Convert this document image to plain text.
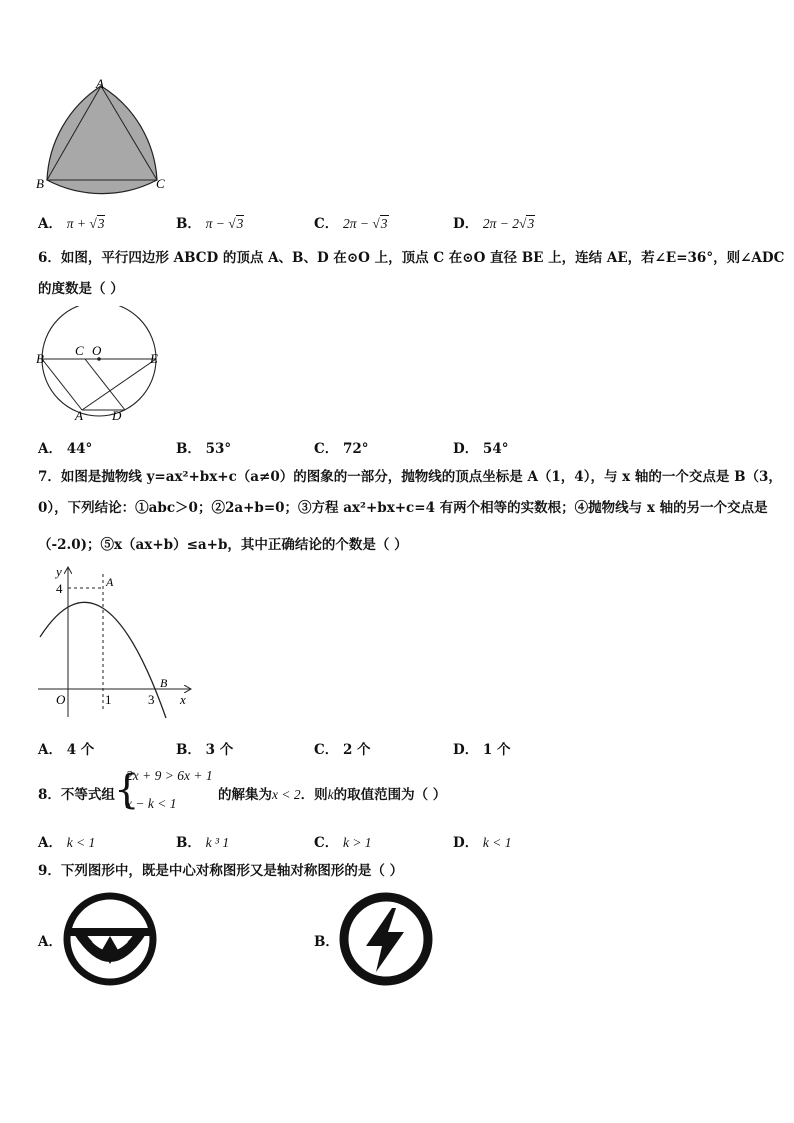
A
B	C
A． π + √3	B． π − √3	C． 2π − √3	D． 2π − 2√3
6．如图，平行四边形 ABCD 的顶点 A、B、D 在⊙O 上，顶点 C 在⊙O 直径 BE 上，连结 AE，若∠E=36°，则∠ADC
的度数是（ ）
B
C O
E
A D
A． 44°	B． 53°	C． 72°	D． 54°
7．如图是抛物线 y=ax²+bx+c（a≠0）的图象的一部分，抛物线的顶点坐标是 A（1，4），与 x 轴的一个交点是 B（3，
0），下列结论：①abc＞0；②2a+b=0；③方程 ax²+bx+c=4 有两个相等的实数根；④抛物线与 x 轴的另一个交点是
（-2.0)；⑤x（ax+b）≤a+b，其中正确结论的个数是（ ）
y
x
O
4
1	3
A
B
A． 4 个	B． 3 个	C． 2 个	D． 1 个
8．不等式组 {
2x + 9 > 6x + 1
x − k < 1
的解集为x < 2．则k的取值范围为（ ）
A． k < 1	B． k ³ 1	C． k > 1	D． k < 1
9．下列图形中，既是中心对称图形又是轴对称图形的是（ ）
A．	B．
